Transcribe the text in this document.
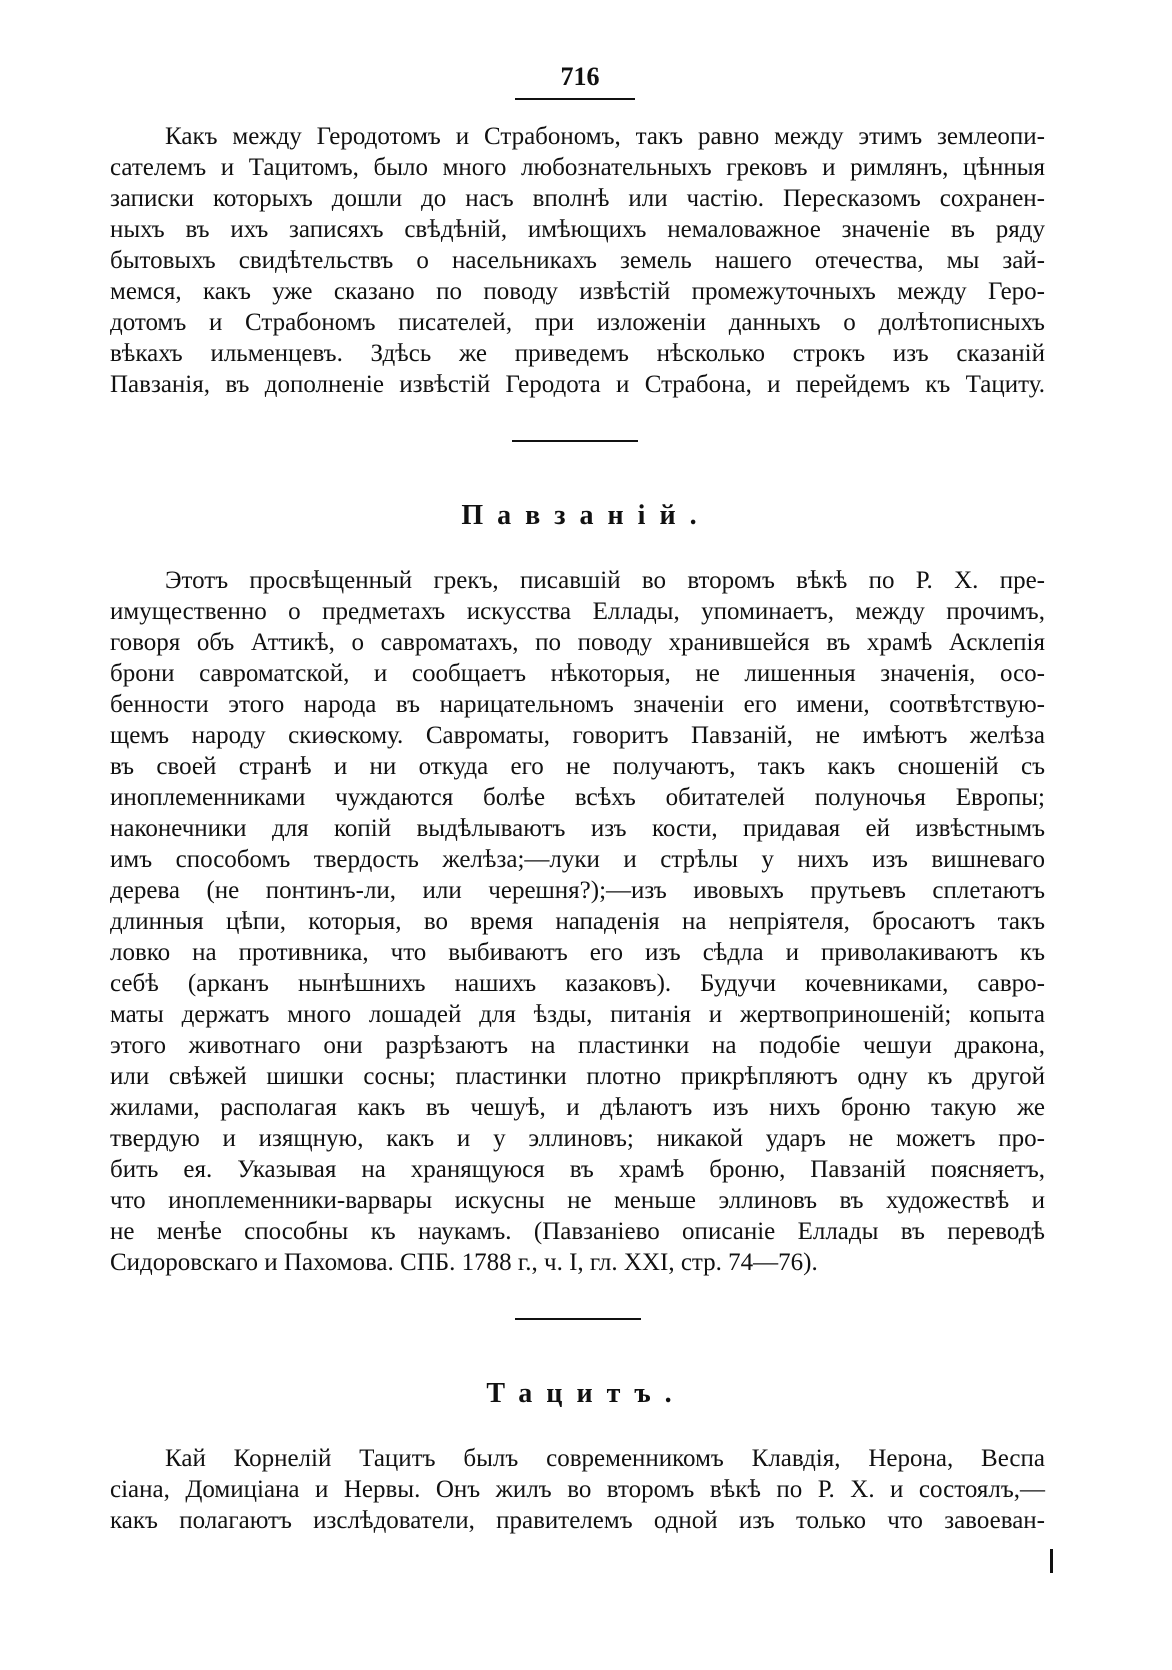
716
Какъ между Геродотомъ и Страбономъ, такъ равно между этимъ землеопи-
сателемъ и Тацитомъ, было много любознательныхъ грековъ и римлянъ, цѣнныя
записки которыхъ дошли до насъ вполнѣ или частію. Пересказомъ сохранен-
ныхъ въ ихъ записяхъ свѣдѣній, имѣющихъ немаловажное значеніе въ ряду
бытовыхъ свидѣтельствъ о насельникахъ земель нашего отечества, мы зай-
мемся, какъ уже сказано по поводу извѣстій промежуточныхъ между Геро-
дотомъ и Страбономъ писателей, при изложеніи данныхъ о долѣтописныхъ
вѣкахъ ильменцевъ. Здѣсь же приведемъ нѣсколько строкъ изъ сказаній
Павзанія, въ дополненіе извѣстій Геродота и Страбона, и перейдемъ къ Тациту.
Павзаній.
Этотъ просвѣщенный грекъ, писавшій во второмъ вѣкѣ по Р. Х. пре-
имущественно о предметахъ искусства Еллады, упоминаетъ, между прочимъ,
говоря объ Аттикѣ, о савроматахъ, по поводу хранившейся въ храмѣ Асклепія
брони савроматской, и сообщаетъ нѣкоторыя, не лишенныя значенія, осо-
бенности этого народа въ нарицательномъ значеніи его имени, соотвѣтствую-
щемъ народу скиѳскому. Савроматы, говоритъ Павзаній, не имѣютъ желѣза
въ своей странѣ и ни откуда его не получаютъ, такъ какъ сношеній съ
иноплеменниками чуждаются болѣе всѣхъ обитателей полуночья Европы;
наконечники для копій выдѣлываютъ изъ кости, придавая ей извѣстнымъ
имъ способомъ твердость желѣза;—луки и стрѣлы у нихъ изъ вишневаго
дерева (не понтинъ-ли, или черешня?);—изъ ивовыхъ прутьевъ сплетаютъ
длинныя цѣпи, которыя, во время нападенія на непріятеля, бросаютъ такъ
ловко на противника, что выбиваютъ его изъ сѣдла и приволакиваютъ къ
себѣ (арканъ нынѣшнихъ нашихъ казаковъ). Будучи кочевниками, савро-
маты держатъ много лошадей для ѣзды, питанія и жертвоприношеній; копыта
этого животнаго они разрѣзаютъ на пластинки на подобіе чешуи дракона,
или свѣжей шишки сосны; пластинки плотно прикрѣпляютъ одну къ другой
жилами, располагая какъ въ чешуѣ, и дѣлаютъ изъ нихъ броню такую же
твердую и изящную, какъ и у эллиновъ; никакой ударъ не можетъ про-
бить ея. Указывая на хранящуюся въ храмѣ броню, Павзаній поясняетъ,
что иноплеменники-варвары искусны не меньше эллиновъ въ художествѣ и
не менѣе способны къ наукамъ. (Павзаніево описаніе Еллады въ переводѣ
Сидоровскаго и Пахомова. СПБ. 1788 г., ч. I, гл. XXI, стр. 74—76).
Тацитъ.
Кай Корнелій Тацитъ былъ современникомъ Клавдія, Нерона, Веспа
сіана, Домиціана и Нервы. Онъ жилъ во второмъ вѣкѣ по Р. Х. и состоялъ,—
какъ полагаютъ изслѣдователи, правителемъ одной изъ только что завоеван-
